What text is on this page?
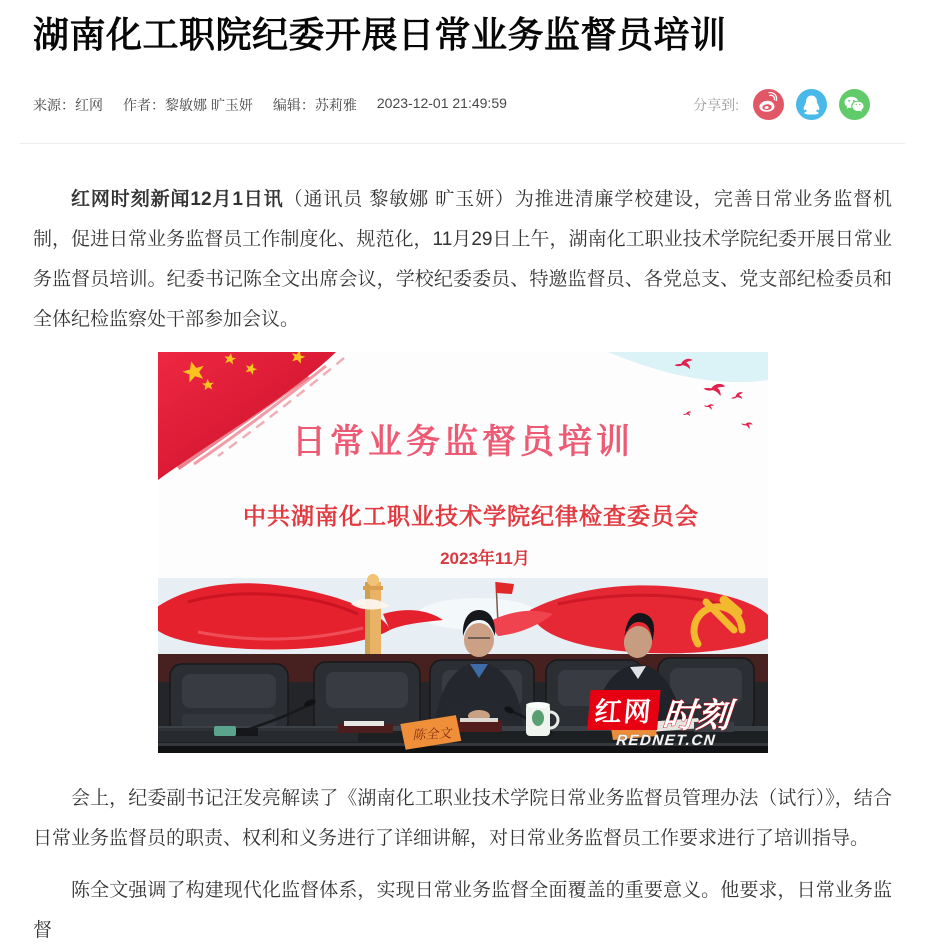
湖南化工职院纪委开展日常业务监督员培训
来源：红网 作者：黎敏娜 旷玉妍 编辑：苏莉雅 2023-12-01 21:49:59	分享到:

红网时刻新闻12月1日讯（通讯员 黎敏娜 旷玉妍）为推进清廉学校建设，完善日常业务监督机制，促进日常业务监督员工作制度化、规范化，11月29日上午，湖南化工职业技术学院纪委开展日常业务监督员培训。纪委书记陈全文出席会议，学校纪委委员、特邀监督员、各党总支、党支部纪检委员和全体纪检监察处干部参加会议。

日常业务监督员培训
中共湖南化工职业技术学院纪律检查委员会
2023年11月
陈全文
红网 时刻
REDNET.CN

会上，纪委副书记汪发亮解读了《湖南化工职业技术学院日常业务监督员管理办法（试行）》，结合日常业务监督员的职责、权利和义务进行了详细讲解，对日常业务监督员工作要求进行了培训指导。

陈全文强调了构建现代化监督体系，实现日常业务监督全面覆盖的重要意义。他要求，日常业务监督
